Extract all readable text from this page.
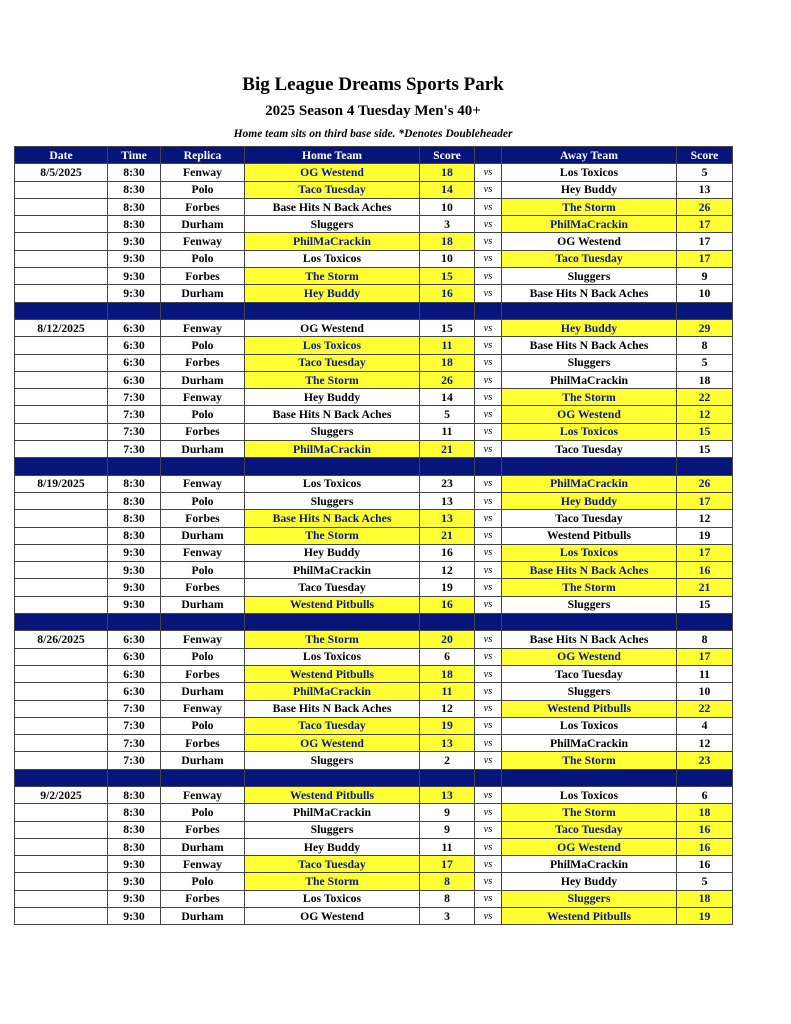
Big League Dreams Sports Park
2025 Season 4 Tuesday Men's 40+
Home team sits on third base side. *Denotes Doubleheader
Date	Time	Replica	Home Team	Score		Away Team	Score
8/5/2025	8:30	Fenway	OG Westend	18	vs	Los Toxicos	5
	8:30	Polo	Taco Tuesday	14	vs	Hey Buddy	13
	8:30	Forbes	Base Hits N Back Aches	10	vs	The Storm	26
	8:30	Durham	Sluggers	3	vs	PhilMaCrackin	17
	9:30	Fenway	PhilMaCrackin	18	vs	OG Westend	17
	9:30	Polo	Los Toxicos	10	vs	Taco Tuesday	17
	9:30	Forbes	The Storm	15	vs	Sluggers	9
	9:30	Durham	Hey Buddy	16	vs	Base Hits N Back Aches	10

8/12/2025	6:30	Fenway	OG Westend	15	vs	Hey Buddy	29
	6:30	Polo	Los Toxicos	11	vs	Base Hits N Back Aches	8
	6:30	Forbes	Taco Tuesday	18	vs	Sluggers	5
	6:30	Durham	The Storm	26	vs	PhilMaCrackin	18
	7:30	Fenway	Hey Buddy	14	vs	The Storm	22
	7:30	Polo	Base Hits N Back Aches	5	vs	OG Westend	12
	7:30	Forbes	Sluggers	11	vs	Los Toxicos	15
	7:30	Durham	PhilMaCrackin	21	vs	Taco Tuesday	15

8/19/2025	8:30	Fenway	Los Toxicos	23	vs	PhilMaCrackin	26
	8:30	Polo	Sluggers	13	vs	Hey Buddy	17
	8:30	Forbes	Base Hits N Back Aches	13	vs	Taco Tuesday	12
	8:30	Durham	The Storm	21	vs	Westend Pitbulls	19
	9:30	Fenway	Hey Buddy	16	vs	Los Toxicos	17
	9:30	Polo	PhilMaCrackin	12	vs	Base Hits N Back Aches	16
	9:30	Forbes	Taco Tuesday	19	vs	The Storm	21
	9:30	Durham	Westend Pitbulls	16	vs	Sluggers	15

8/26/2025	6:30	Fenway	The Storm	20	vs	Base Hits N Back Aches	8
	6:30	Polo	Los Toxicos	6	vs	OG Westend	17
	6:30	Forbes	Westend Pitbulls	18	vs	Taco Tuesday	11
	6:30	Durham	PhilMaCrackin	11	vs	Sluggers	10
	7:30	Fenway	Base Hits N Back Aches	12	vs	Westend Pitbulls	22
	7:30	Polo	Taco Tuesday	19	vs	Los Toxicos	4
	7:30	Forbes	OG Westend	13	vs	PhilMaCrackin	12
	7:30	Durham	Sluggers	2	vs	The Storm	23

9/2/2025	8:30	Fenway	Westend Pitbulls	13	vs	Los Toxicos	6
	8:30	Polo	PhilMaCrackin	9	vs	The Storm	18
	8:30	Forbes	Sluggers	9	vs	Taco Tuesday	16
	8:30	Durham	Hey Buddy	11	vs	OG Westend	16
	9:30	Fenway	Taco Tuesday	17	vs	PhilMaCrackin	16
	9:30	Polo	The Storm	8	vs	Hey Buddy	5
	9:30	Forbes	Los Toxicos	8	vs	Sluggers	18
	9:30	Durham	OG Westend	3	vs	Westend Pitbulls	19
